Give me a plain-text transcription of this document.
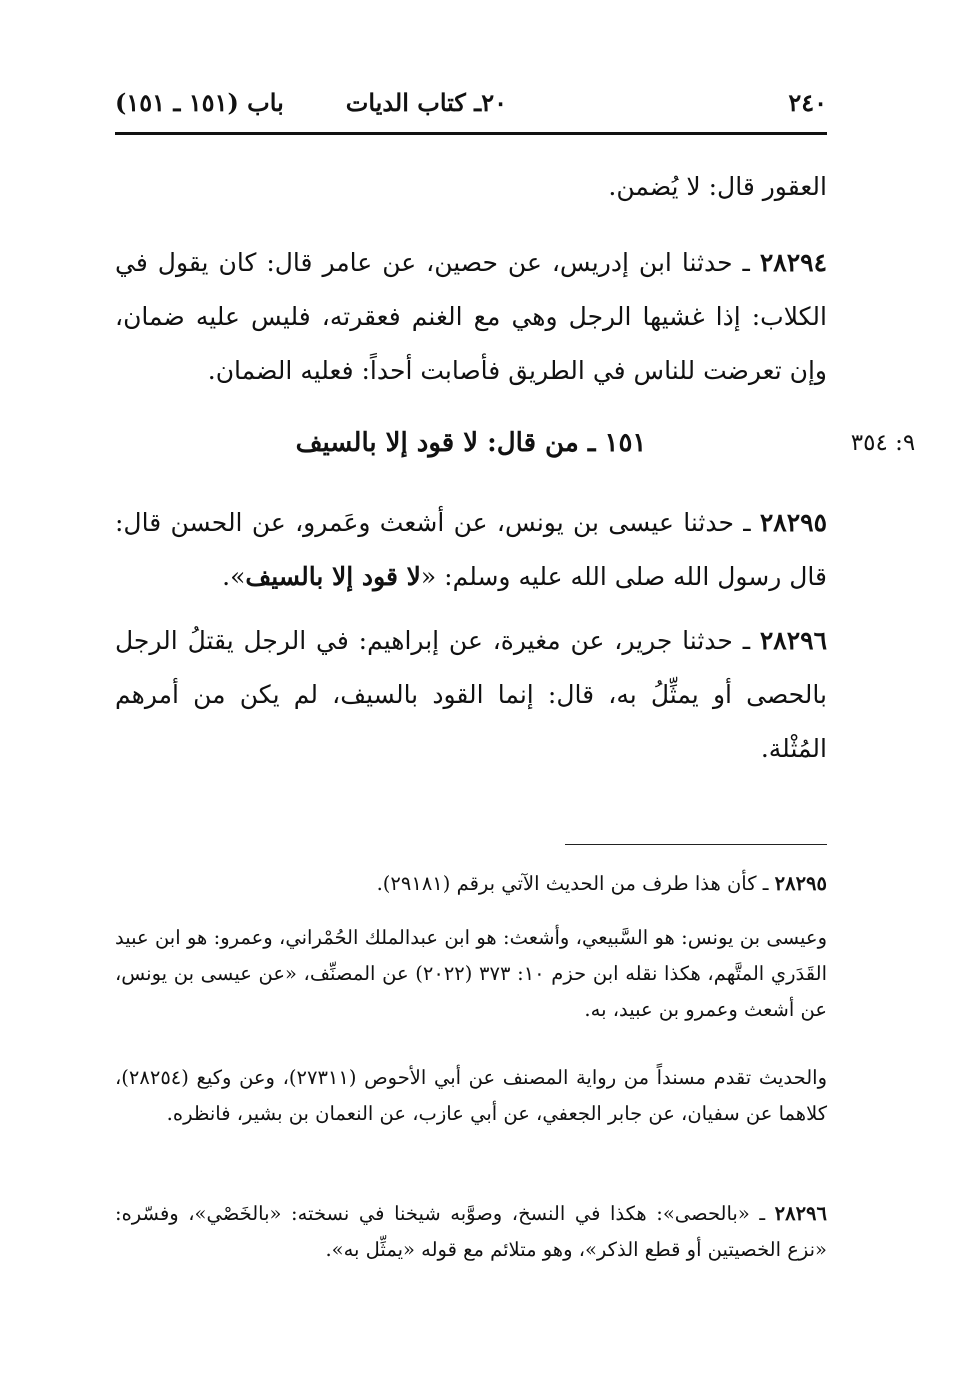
٢٤٠
٢٠ـ كتاب الديات
باب (١٥١ ـ ١٥١)
العقور قال: لا يُضمن.
٢٨٢٩٤ ـ حدثنا ابن إدريس، عن حصين، عن عامر قال: كان يقول في الكلاب: إذا غشيها الرجل وهي مع الغنم فعقرته، فليس عليه ضمان، وإن تعرضت للناس في الطريق فأصابت أحداً: فعليه الضمان.
١٥١ ـ من قال: لا قود إلا بالسيف	٩: ٣٥٤
٢٨٢٩٥ ـ حدثنا عيسى بن يونس، عن أشعث وعَمرو، عن الحسن قال: قال رسول الله صلى الله عليه وسلم: «لا قود إلا بالسيف».
٢٨٢٩٦ ـ حدثنا جرير، عن مغيرة، عن إبراهيم: في الرجل يقتلُ الرجل بالحصى أو يمثِّلُ به، قال: إنما القود بالسيف، لم يكن من أمرهم المُثْلة.
٢٨٢٩٥ ـ كأن هذا طرف من الحديث الآتي برقم (٢٩١٨١).
وعيسى بن يونس: هو السَّبيعي، وأشعث: هو ابن عبدالملك الحُمْراني، وعمرو: هو ابن عبيد القَدَري المتَّهم، هكذا نقله ابن حزم ١٠: ٣٧٣ (٢٠٢٢) عن المصنِّف، «عن عيسى بن يونس، عن أشعث وعمرو بن عبيد، به.
والحديث تقدم مسنداً من رواية المصنف عن أبي الأحوص (٢٧٣١١)، وعن وكيع (٢٨٢٥٤)، كلاهما عن سفيان، عن جابر الجعفي، عن أبي عازب، عن النعمان بن بشير، فانظره.
٢٨٢٩٦ ـ «بالحصى»: هكذا في النسخ، وصوَّبه شيخنا في نسخته: «بالخَصْي»، وفسّره: «نزع الخصيتين أو قطع الذكر»، وهو متلائم مع قوله «يمثِّل به».
